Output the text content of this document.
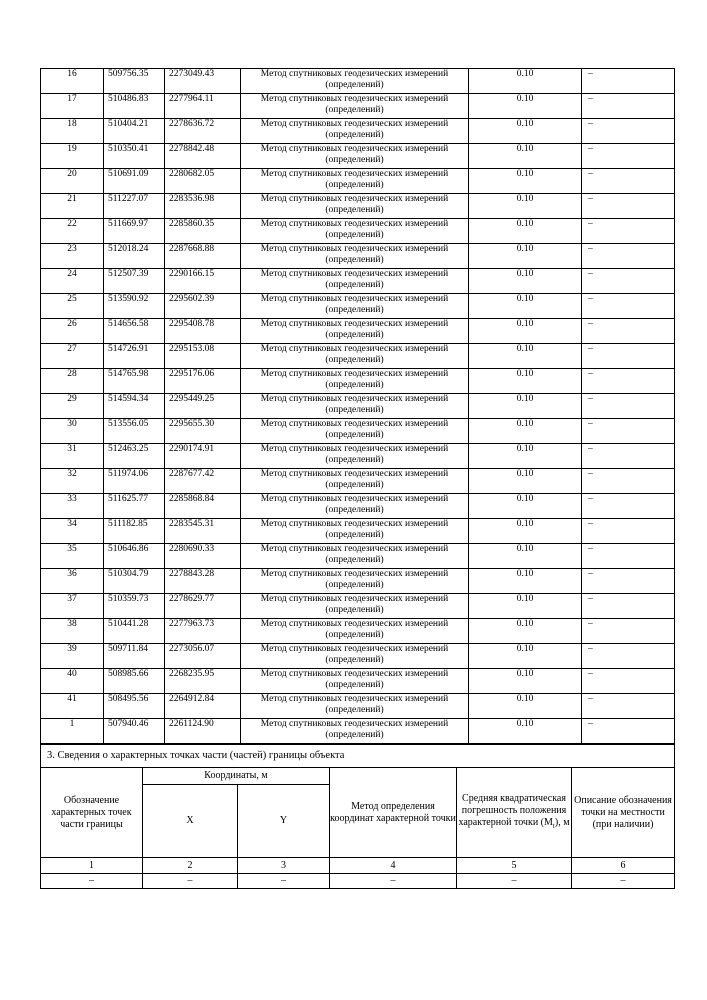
16	509756.35	2273049.43	Метод спутниковых геодезических измерений (определений)	0.10	–
17	510486.83	2277964.11	Метод спутниковых геодезических измерений (определений)	0.10	–
18	510404.21	2278636.72	Метод спутниковых геодезических измерений (определений)	0.10	–
19	510350.41	2278842.48	Метод спутниковых геодезических измерений (определений)	0.10	–
20	510691.09	2280682.05	Метод спутниковых геодезических измерений (определений)	0.10	–
21	511227.07	2283536.98	Метод спутниковых геодезических измерений (определений)	0.10	–
22	511669.97	2285860.35	Метод спутниковых геодезических измерений (определений)	0.10	–
23	512018.24	2287668.88	Метод спутниковых геодезических измерений (определений)	0.10	–
24	512507.39	2290166.15	Метод спутниковых геодезических измерений (определений)	0.10	–
25	513590.92	2295602.39	Метод спутниковых геодезических измерений (определений)	0.10	–
26	514656.58	2295408.78	Метод спутниковых геодезических измерений (определений)	0.10	–
27	514726.91	2295153.08	Метод спутниковых геодезических измерений (определений)	0.10	–
28	514765.98	2295176.06	Метод спутниковых геодезических измерений (определений)	0.10	–
29	514594.34	2295449.25	Метод спутниковых геодезических измерений (определений)	0.10	–
30	513556.05	2295655.30	Метод спутниковых геодезических измерений (определений)	0.10	–
31	512463.25	2290174.91	Метод спутниковых геодезических измерений (определений)	0.10	–
32	511974.06	2287677.42	Метод спутниковых геодезических измерений (определений)	0.10	–
33	511625.77	2285868.84	Метод спутниковых геодезических измерений (определений)	0.10	–
34	511182.85	2283545.31	Метод спутниковых геодезических измерений (определений)	0.10	–
35	510646.86	2280690.33	Метод спутниковых геодезических измерений (определений)	0.10	–
36	510304.79	2278843.28	Метод спутниковых геодезических измерений (определений)	0.10	–
37	510359.73	2278629.77	Метод спутниковых геодезических измерений (определений)	0.10	–
38	510441.28	2277963.73	Метод спутниковых геодезических измерений (определений)	0.10	–
39	509711.84	2273056.07	Метод спутниковых геодезических измерений (определений)	0.10	–
40	508985.66	2268235.95	Метод спутниковых геодезических измерений (определений)	0.10	–
41	508495.56	2264912.84	Метод спутниковых геодезических измерений (определений)	0.10	–
1	507940.46	2261124.90	Метод спутниковых геодезических измерений (определений)	0.10	–
3. Сведения о характерных точках части (частей) границы объекта					
Обозначение характерных точек части границы	Координаты, м		Метод определения координат характерной точки	Средняя квадратическая погрешность положения характерной точки $(M_t)$, м	Описание обозначения точки на местности (при наличии)
	X	Y			
1	2	3	4	5	6
–	–	–	–	–	–
